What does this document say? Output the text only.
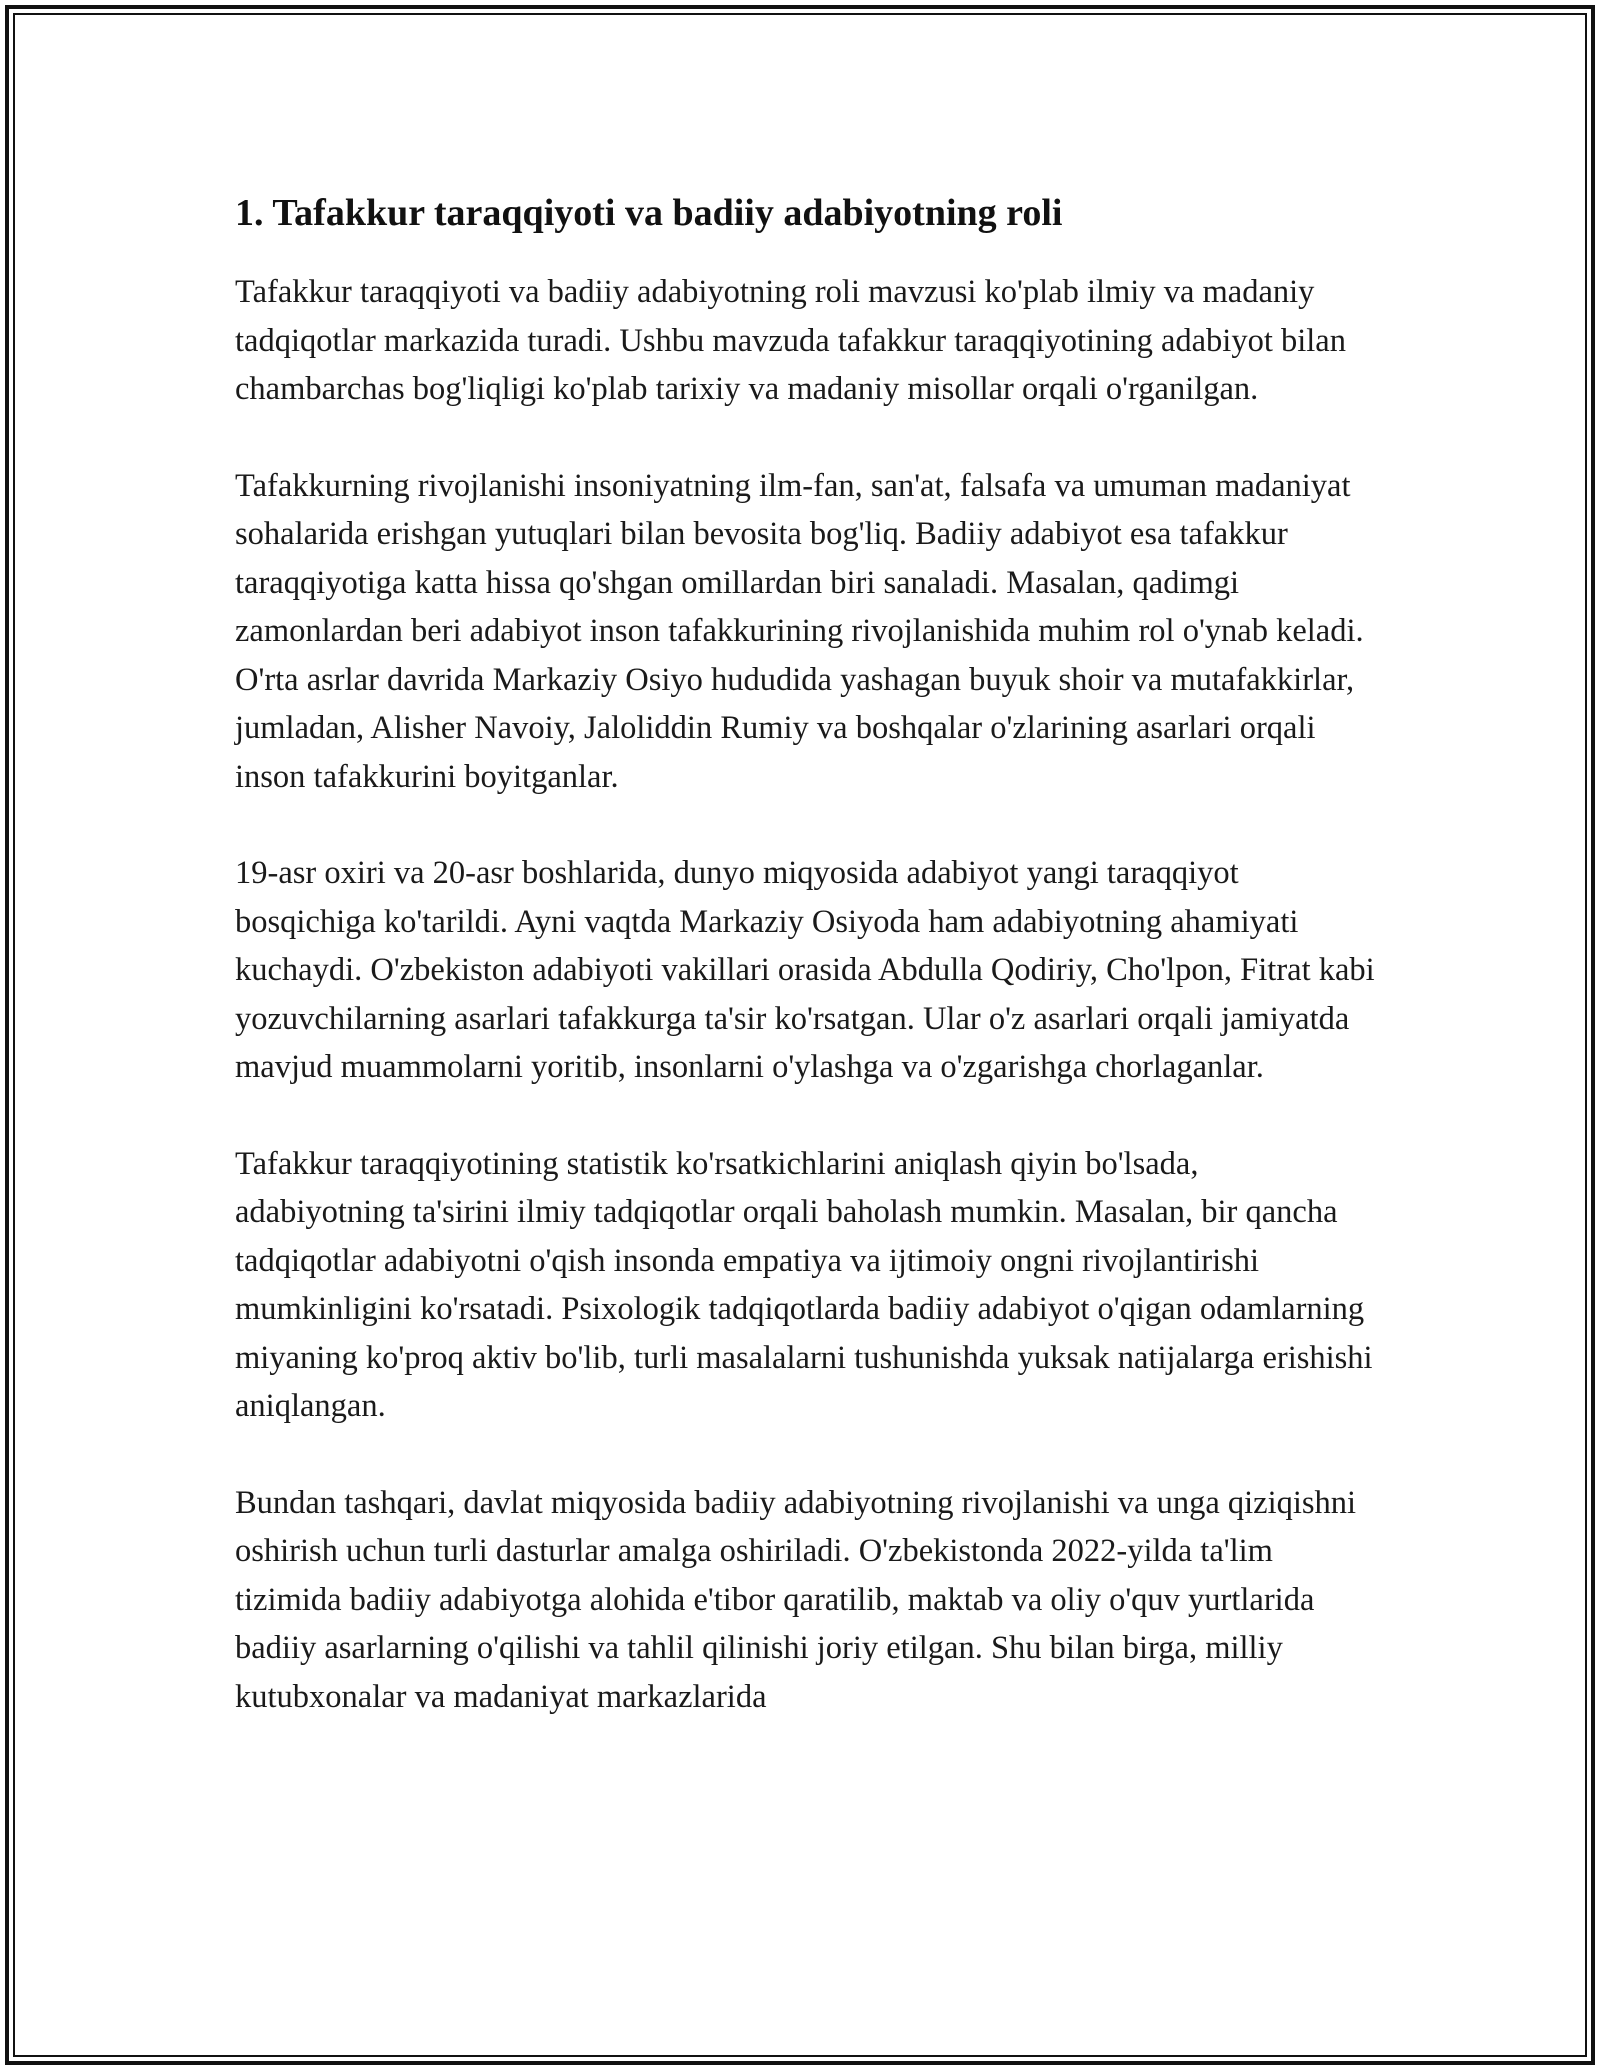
1. Tafakkur taraqqiyoti va badiiy adabiyotning roli

Tafakkur taraqqiyoti va badiiy adabiyotning roli mavzusi ko'plab ilmiy va madaniy tadqiqotlar markazida turadi. Ushbu mavzuda tafakkur taraqqiyotining adabiyot bilan chambarchas bog'liqligi ko'plab tarixiy va madaniy misollar orqali o'rganilgan.

Tafakkurning rivojlanishi insoniyatning ilm-fan, san'at, falsafa va umuman madaniyat sohalarida erishgan yutuqlari bilan bevosita bog'liq. Badiiy adabiyot esa tafakkur taraqqiyotiga katta hissa qo'shgan omillardan biri sanaladi. Masalan, qadimgi zamonlardan beri adabiyot inson tafakkurining rivojlanishida muhim rol o'ynab keladi. O'rta asrlar davrida Markaziy Osiyo hududida yashagan buyuk shoir va mutafakkirlar, jumladan, Alisher Navoiy, Jaloliddin Rumiy va boshqalar o'zlarining asarlari orqali inson tafakkurini boyitganlar.

19-asr oxiri va 20-asr boshlarida, dunyo miqyosida adabiyot yangi taraqqiyot bosqichiga ko'tarildi. Ayni vaqtda Markaziy Osiyoda ham adabiyotning ahamiyati kuchaydi. O'zbekiston adabiyoti vakillari orasida Abdulla Qodiriy, Cho'lpon, Fitrat kabi yozuvchilarning asarlari tafakkurga ta'sir ko'rsatgan. Ular o'z asarlari orqali jamiyatda mavjud muammolarni yoritib, insonlarni o'ylashga va o'zgarishga chorlaganlar.

Tafakkur taraqqiyotining statistik ko'rsatkichlarini aniqlash qiyin bo'lsada, adabiyotning ta'sirini ilmiy tadqiqotlar orqali baholash mumkin. Masalan, bir qancha tadqiqotlar adabiyotni o'qish insonda empatiya va ijtimoiy ongni rivojlantirishi mumkinligini ko'rsatadi. Psixologik tadqiqotlarda badiiy adabiyot o'qigan odamlarning miyaning ko'proq aktiv bo'lib, turli masalalarni tushunishda yuksak natijalarga erishishi aniqlangan.

Bundan tashqari, davlat miqyosida badiiy adabiyotning rivojlanishi va unga qiziqishni oshirish uchun turli dasturlar amalga oshiriladi. O'zbekistonda 2022-yilda ta'lim tizimida badiiy adabiyotga alohida e'tibor qaratilib, maktab va oliy o'quv yurtlarida badiiy asarlarning o'qilishi va tahlil qilinishi joriy etilgan. Shu bilan birga, milliy kutubxonalar va madaniyat markazlarida
